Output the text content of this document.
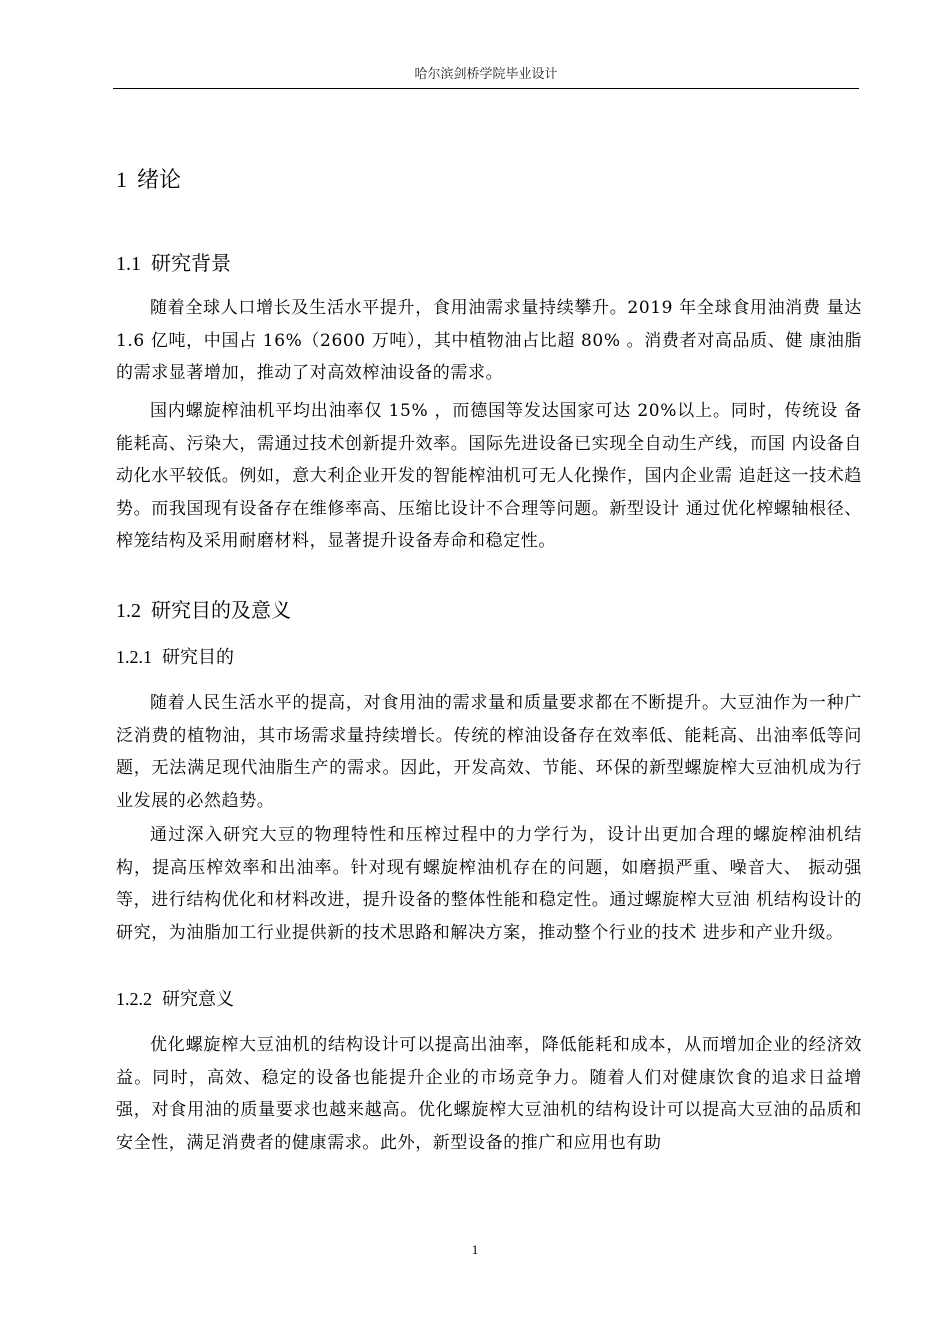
哈尔滨剑桥学院毕业设计
1 绪论
1.1 研究背景

随着全球人口增长及生活水平提升，食用油需求量持续攀升。2019 年全球食用油消费 量达 1.6 亿吨，中国占 16%（2600 万吨），其中植物油占比超 80% 。消费者对高品质、健 康油脂的需求显著增加，推动了对高效榨油设备的需求。

国内螺旋榨油机平均出油率仅 15% ，而德国等发达国家可达 20%以上。同时，传统设 备能耗高、污染大，需通过技术创新提升效率。国际先进设备已实现全自动生产线，而国 内设备自动化水平较低。例如，意大利企业开发的智能榨油机可无人化操作，国内企业需 追赶这一技术趋势。而我国现有设备存在维修率高、压缩比设计不合理等问题。新型设计 通过优化榨螺轴根径、榨笼结构及采用耐磨材料，显著提升设备寿命和稳定性。

1.2 研究目的及意义
1.2.1 研究目的

随着人民生活水平的提高，对食用油的需求量和质量要求都在不断提升。大豆油作为一种广泛消费的植物油，其市场需求量持续增长。传统的榨油设备存在效率低、能耗高、出油率低等问题，无法满足现代油脂生产的需求。因此，开发高效、节能、环保的新型螺旋榨大豆油机成为行业发展的必然趋势。

通过深入研究大豆的物理特性和压榨过程中的力学行为，设计出更加合理的螺旋榨油机结构，提高压榨效率和出油率。针对现有螺旋榨油机存在的问题，如磨损严重、噪音大、 振动强等，进行结构优化和材料改进，提升设备的整体性能和稳定性。通过螺旋榨大豆油 机结构设计的研究，为油脂加工行业提供新的技术思路和解决方案，推动整个行业的技术 进步和产业升级。

1.2.2 研究意义

优化螺旋榨大豆油机的结构设计可以提高出油率，降低能耗和成本，从而增加企业的经济效益。同时，高效、稳定的设备也能提升企业的市场竞争力。随着人们对健康饮食的追求日益增强，对食用油的质量要求也越来越高。优化螺旋榨大豆油机的结构设计可以提高大豆油的品质和安全性，满足消费者的健康需求。此外，新型设备的推广和应用也有助

1
